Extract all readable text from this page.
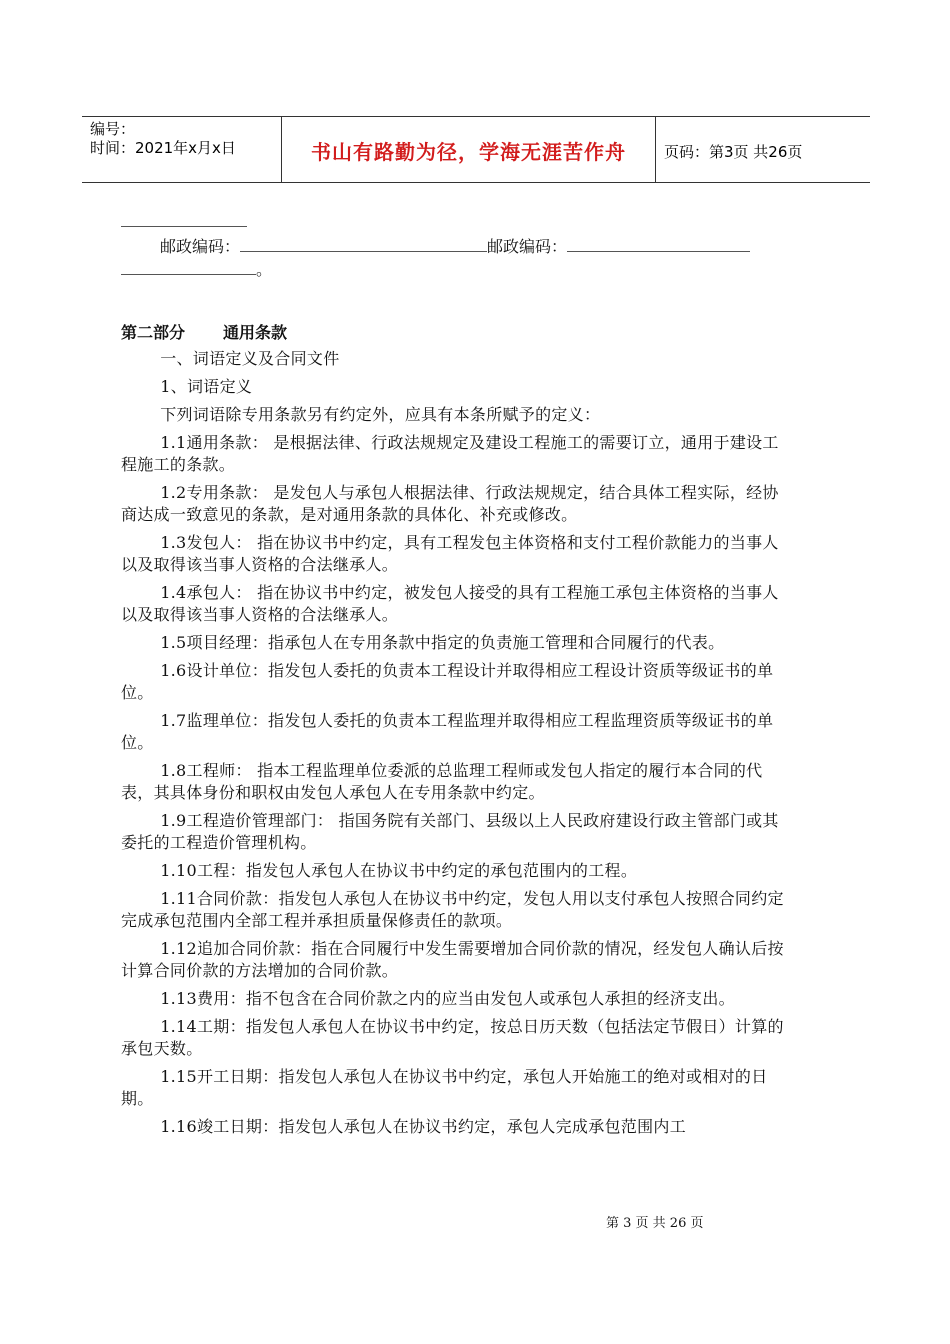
编号：
时间：2021年x月x日	书山有路勤为径，学海无涯苦作舟	页码：第3页 共26页
邮政编码：	邮政编码：
。
第二部分 通用条款

一、词语定义及合同文件

1、词语定义

下列词语除专用条款另有约定外，应具有本条所赋予的定义：

1.1通用条款： 是根据法律、行政法规规定及建设工程施工的需要订立，通用于建设工程施工的条款。

1.2专用条款： 是发包人与承包人根据法律、行政法规规定，结合具体工程实际，经协商达成一致意见的条款，是对通用条款的具体化、补充或修改。

1.3发包人： 指在协议书中约定，具有工程发包主体资格和支付工程价款能力的当事人以及取得该当事人资格的合法继承人。

1.4承包人： 指在协议书中约定，被发包人接受的具有工程施工承包主体资格的当事人以及取得该当事人资格的合法继承人。

1.5项目经理：指承包人在专用条款中指定的负责施工管理和合同履行的代表。

1.6设计单位：指发包人委托的负责本工程设计并取得相应工程设计资质等级证书的单位。

1.7监理单位：指发包人委托的负责本工程监理并取得相应工程监理资质等级证书的单位。

1.8工程师： 指本工程监理单位委派的总监理工程师或发包人指定的履行本合同的代表，其具体身份和职权由发包人承包人在专用条款中约定。

1.9工程造价管理部门： 指国务院有关部门、县级以上人民政府建设行政主管部门或其委托的工程造价管理机构。

1.10工程：指发包人承包人在协议书中约定的承包范围内的工程。

1.11合同价款：指发包人承包人在协议书中约定，发包人用以支付承包人按照合同约定完成承包范围内全部工程并承担质量保修责任的款项。

1.12追加合同价款：指在合同履行中发生需要增加合同价款的情况，经发包人确认后按计算合同价款的方法增加的合同价款。

1.13费用：指不包含在合同价款之内的应当由发包人或承包人承担的经济支出。

1.14工期：指发包人承包人在协议书中约定，按总日历天数（包括法定节假日）计算的承包天数。

1.15开工日期：指发包人承包人在协议书中约定，承包人开始施工的绝对或相对的日期。

1.16竣工日期：指发包人承包人在协议书约定，承包人完成承包范围内工

第 3 页 共 26 页
